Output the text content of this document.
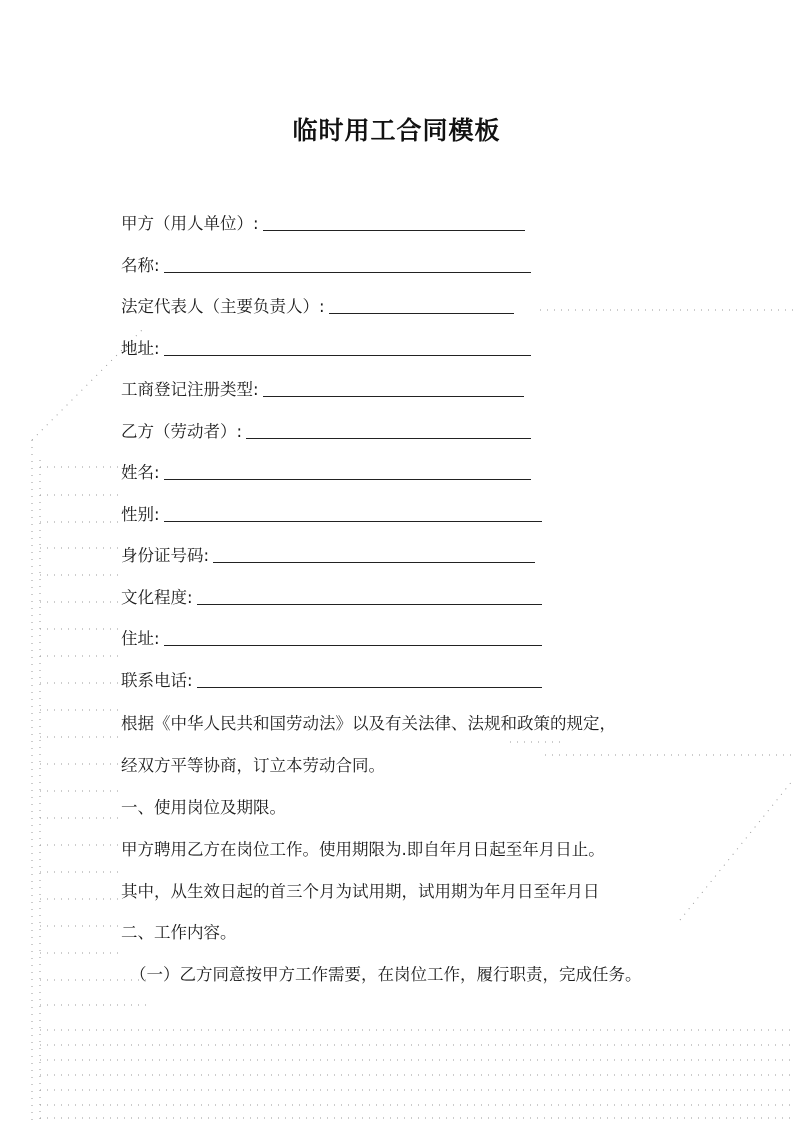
临时用工合同模板
甲方（用人单位）:
名称:
法定代表人（主要负责人）:
地址:
工商登记注册类型:
乙方（劳动者）:
姓名:
性别:
身份证号码:
文化程度:
住址:
联系电话:
根据《中华人民共和国劳动法》以及有关法律、法规和政策的规定，
经双方平等协商，订立本劳动合同。
一、使用岗位及期限。
甲方聘用乙方在岗位工作。使用期限为.即自年月日起至年月日止。
其中，从生效日起的首三个月为试用期，试用期为年月日至年月日
二、工作内容。
（一）乙方同意按甲方工作需要，在岗位工作，履行职责，完成任务。
